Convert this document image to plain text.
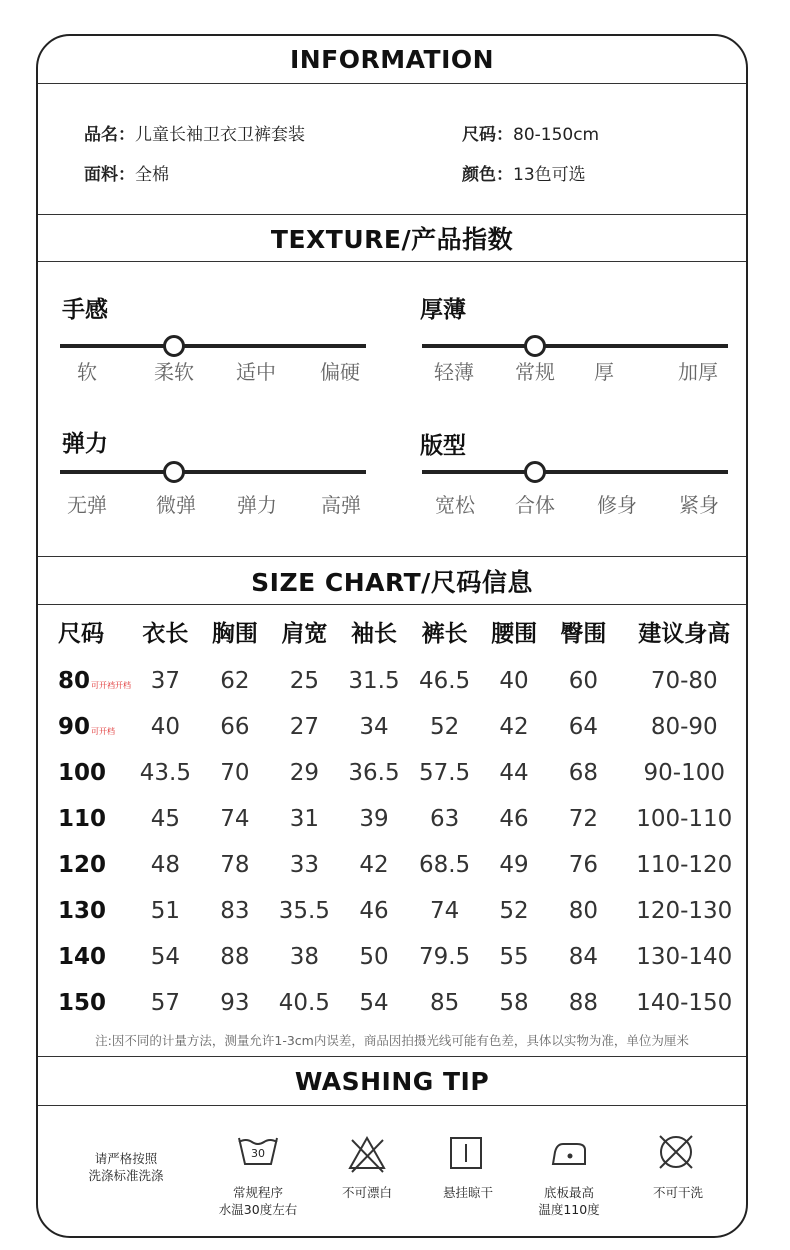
INFORMATION
品名：儿童长袖卫衣卫裤套装	尺码：80-150cm
面料：全棉	颜色：13色可选
TEXTURE/产品指数
手感
软	柔软 适中 偏硬
厚薄
轻薄 常规 厚	加厚
弹力
无弹 微弹 弹力 高弹
版型
宽松 合体 修身 紧身
SIZE CHART/尺码信息
尺码	衣长	胸围	肩宽	袖长	裤长	腰围	臀围	建议身高
80可开裆开档	37	62	25	31.5	46.5	40	60	70-80
90可开档	40	66	27	34	52	42	64	80-90
100	43.5	70	29	36.5	57.5	44	68	90-100
110	45	74	31	39	63	46	72	100-110
120	48	78	33	42	68.5	49	76	110-120
130	51	83	35.5	46	74	52	80	120-130
140	54	88	38	50	79.5	55	84	130-140
150	57	93	40.5	54	85	58	88	140-150
注:因不同的计量方法，测量允许1-3cm内误差，商品因拍摄光线可能有色差，具体以实物为准，单位为厘米
WASHING TIP
请严格按照
洗涤标准洗涤
30
常规程序
水温30度左右
不可漂白	悬挂晾干	底板最高
温度110度
不可干洗
